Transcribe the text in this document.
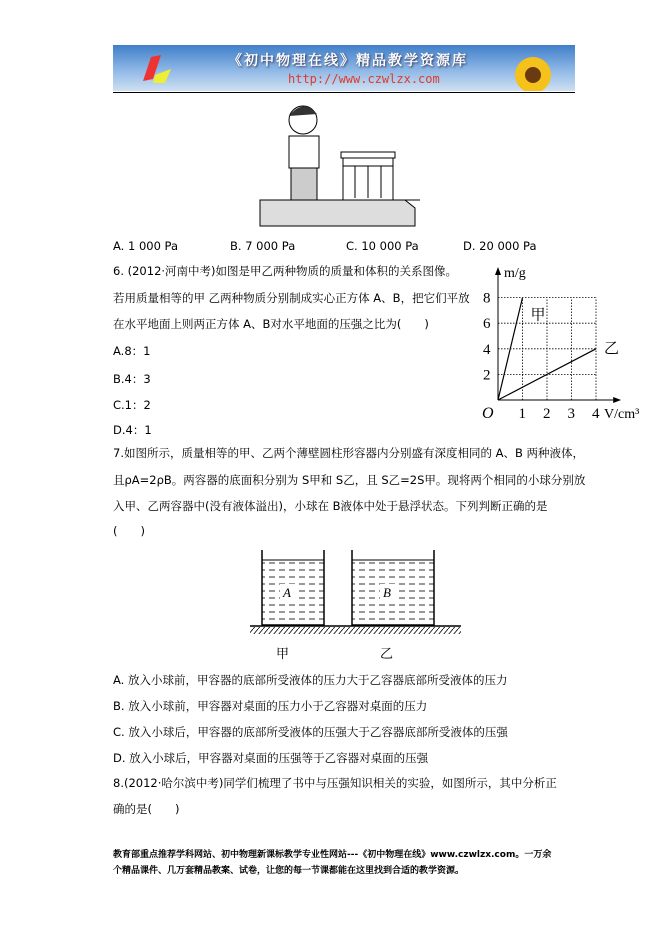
《初中物理在线》精品教学资源库
http://www.czwlzx.com
A. 1 000 Pa	B. 7 000 Pa	C. 10 000 Pa	D. 20 000 Pa
6. (2012·河南中考)如图是甲乙两种物质的质量和体积的关系图像。
若用质量相等的甲 乙两种物质分别制成实心正方体 A、B，把它们平放
在水平地面上则两正方体 A、B对水平地面的压强之比为(　　)
A.8：1
B.4：3
C.1：2
D.4：1
1 2 3 4
2
4
6
8
O
m/g
V/cm³
甲
乙
7.如图所示，质量相等的甲、乙两个薄壁圆柱形容器内分别盛有深度相同的 A、B 两种液体，
且ρA=2ρB。两容器的底面积分别为 S甲和 S乙，且 S乙=2S甲。现将两个相同的小球分别放
入甲、乙两容器中(没有液体溢出)，小球在 B液体中处于悬浮状态。下列判断正确的是
(　　)
A	B
甲	乙
A. 放入小球前，甲容器的底部所受液体的压力大于乙容器底部所受液体的压力
B. 放入小球前，甲容器对桌面的压力小于乙容器对桌面的压力
C. 放入小球后，甲容器的底部所受液体的压强大于乙容器底部所受液体的压强
D. 放入小球后，甲容器对桌面的压强等于乙容器对桌面的压强
8.(2012·哈尔滨中考)同学们梳理了书中与压强知识相关的实验，如图所示，其中分析正
确的是(　　)
教育部重点推荐学科网站、初中物理新课标教学专业性网站---《初中物理在线》www.czwlzx.com。一万余
个精品课件、几万套精品教案、试卷，让您的每一节课都能在这里找到合适的教学资源。
